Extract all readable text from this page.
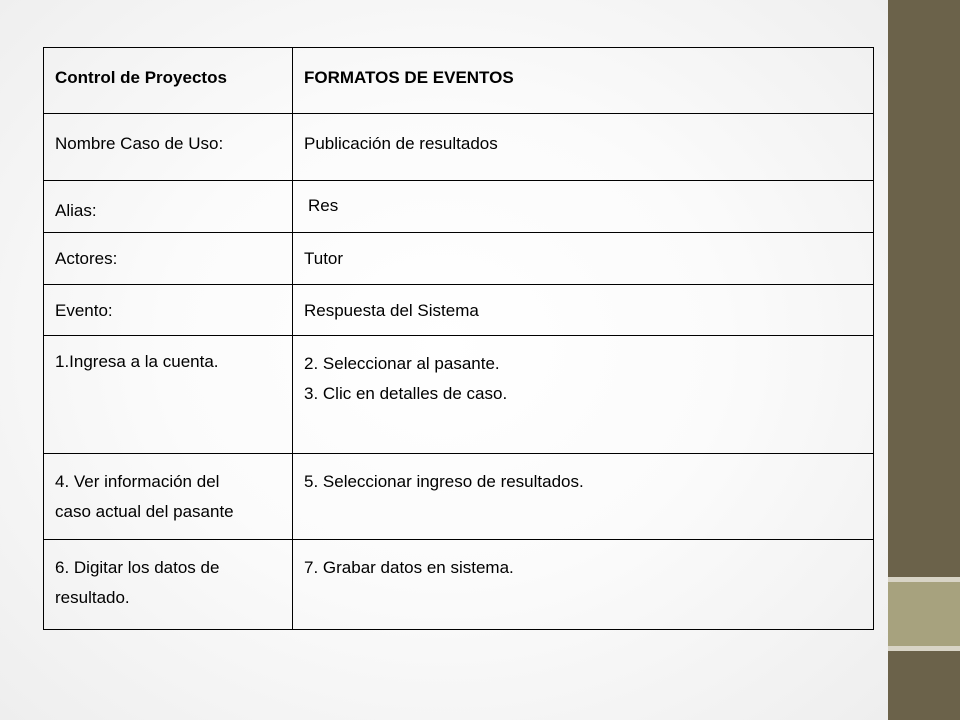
Control de Proyectos	FORMATOS DE EVENTOS

Nombre Caso de Uso:	Publicación de resultados

Alias:	Res

Actores:	Tutor

Evento:	Respuesta del Sistema

1.Ingresa a la cuenta.	2. Seleccionar al pasante.
3. Clic en detalles de caso.

4. Ver información del
caso actual del pasante	5. Seleccionar ingreso de resultados.

6. Digitar los datos de
resultado.	7. Grabar datos en sistema.
